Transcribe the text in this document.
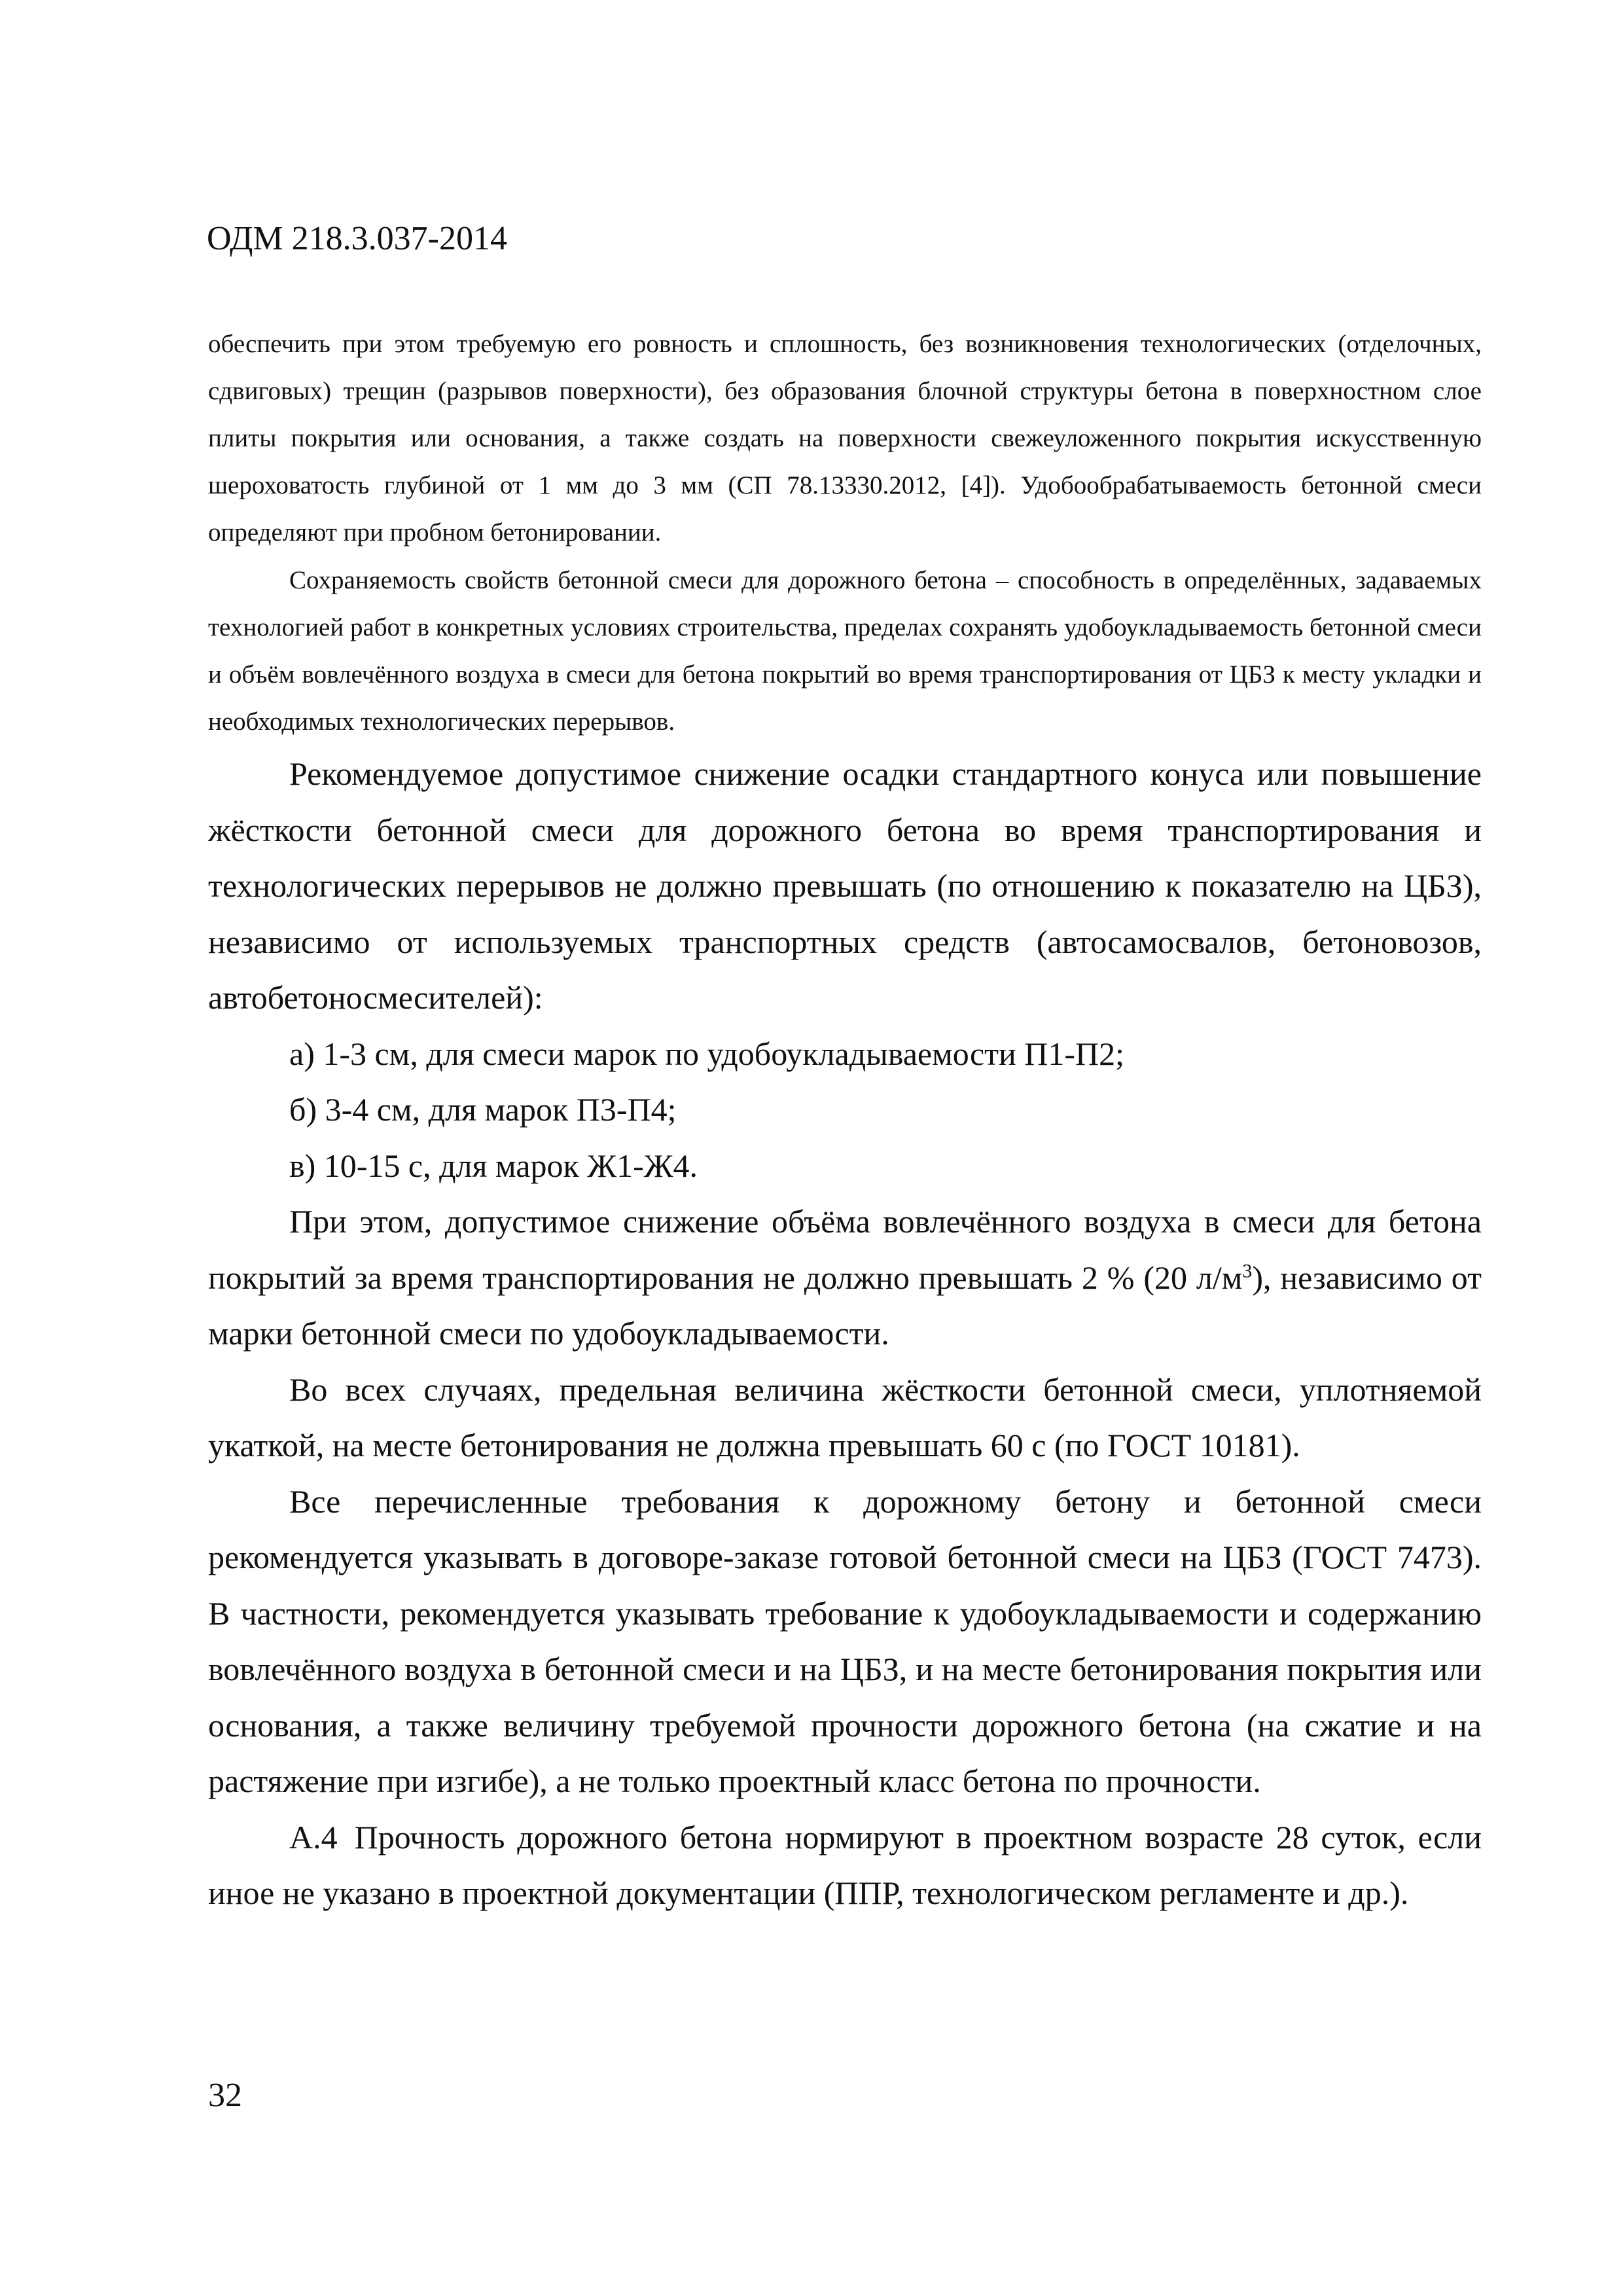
ОДМ 218.3.037-2014

обеспечить при этом требуемую его ровность и сплошность, без возникновения технологических (отделочных, сдвиговых) трещин (разрывов поверхности), без образования блочной структуры бетона в поверхностном слое плиты покрытия или основания, а также создать на поверхности свежеуложенного покрытия искусственную шероховатость глубиной от 1 мм до 3 мм (СП 78.13330.2012, [4]). Удобообрабатываемость бетонной смеси определяют при пробном бетонировании.

Сохраняемость свойств бетонной смеси для дорожного бетона – способность в определённых, задаваемых технологией работ в конкретных условиях строительства, пределах сохранять удобоукладываемость бетонной смеси и объём вовлечённого воздуха в смеси для бетона покрытий во время транспортирования от ЦБЗ к месту укладки и необходимых технологических перерывов.

Рекомендуемое допустимое снижение осадки стандартного конуса или повышение жёсткости бетонной смеси для дорожного бетона во время транспортирования и технологических перерывов не должно превышать (по отношению к показателю на ЦБЗ), независимо от используемых транспортных средств (автосамосвалов, бетоновозов, автобетоносмесителей):

а) 1-3 см, для смеси марок по удобоукладываемости П1-П2;

б) 3-4 см, для марок П3-П4;

в) 10-15 с, для марок Ж1-Ж4.

При этом, допустимое снижение объёма вовлечённого воздуха в смеси для бетона покрытий за время транспортирования не должно превышать 2 % (20 $л/м^3$), независимо от марки бетонной смеси по удобоукладываемости.

Во всех случаях, предельная величина жёсткости бетонной смеси, уплотняемой укаткой, на месте бетонирования не должна превышать 60 с (по ГОСТ 10181).

Все перечисленные требования к дорожному бетону и бетонной смеси рекомендуется указывать в договоре-заказе готовой бетонной смеси на ЦБЗ (ГОСТ 7473). В частности, рекомендуется указывать требование к удобоукладываемости и содержанию вовлечённого воздуха в бетонной смеси и на ЦБЗ, и на месте бетонирования покрытия или основания, а также величину требуемой прочности дорожного бетона (на сжатие и на растяжение при изгибе), а не только проектный класс бетона по прочности.

А.4 Прочность дорожного бетона нормируют в проектном возрасте 28 суток, если иное не указано в проектной документации (ППР, технологическом регламенте и др.).

32
